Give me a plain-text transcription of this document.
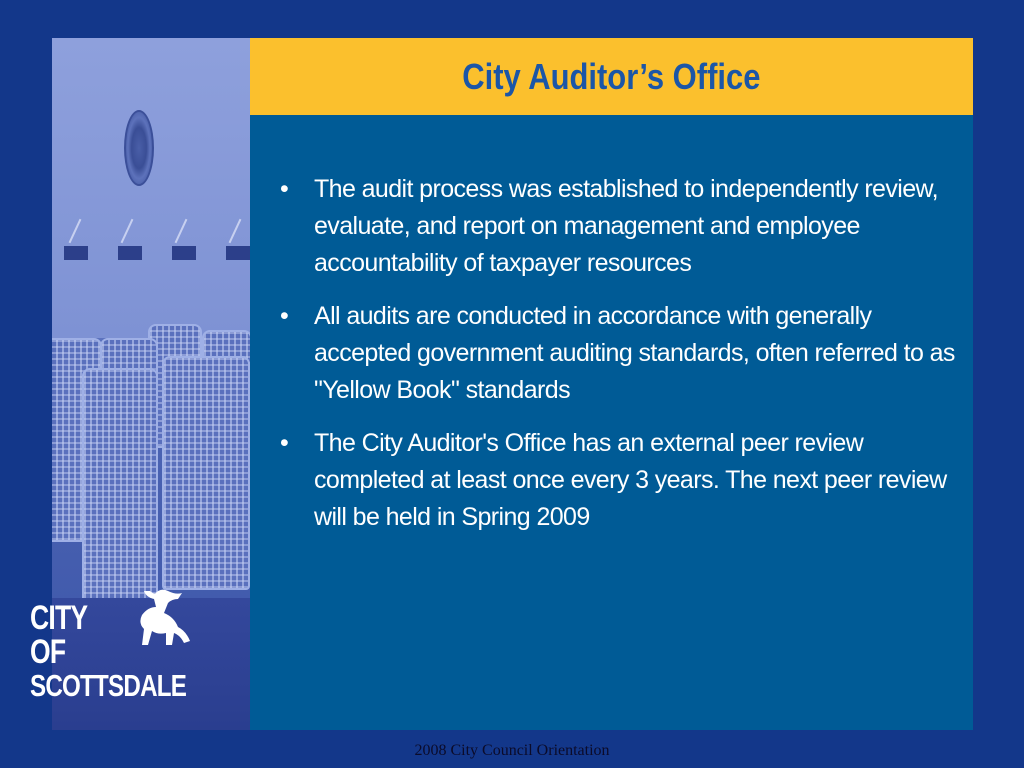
CITY
OF
SCOTTSDALE
City Auditor’s Office
• The audit process was established to independently review, evaluate, and report on management and employee accountability of taxpayer resources
• All audits are conducted in accordance with generally accepted government auditing standards, often referred to as "Yellow Book" standards
• The City Auditor's Office has an external peer review completed at least once every 3 years. The next peer review will be held in Spring 2009
2008 City Council Orientation
